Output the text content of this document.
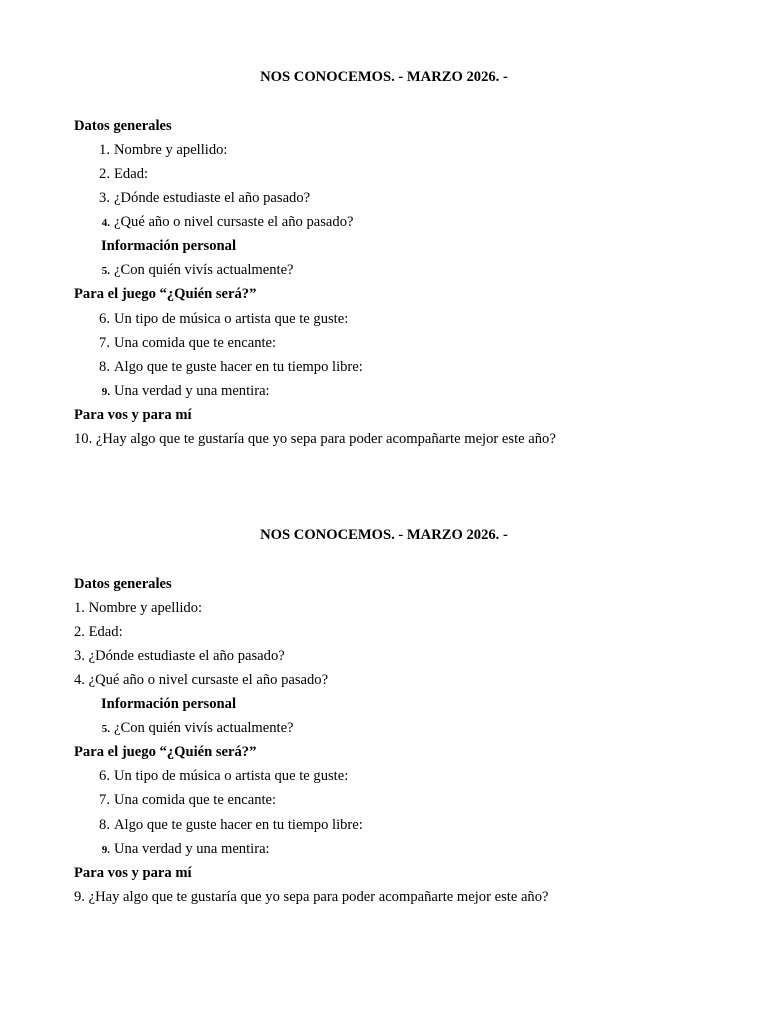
NOS CONOCEMOS. - MARZO 2026. -
Datos generales
1. Nombre y apellido:
2. Edad:
3. ¿Dónde estudiaste el año pasado?
4. ¿Qué año o nivel cursaste el año pasado?
Información personal
5. ¿Con quién vivís actualmente?
Para el juego “¿Quién será?”
6. Un tipo de música o artista que te guste:
7. Una comida que te encante:
8. Algo que te guste hacer en tu tiempo libre:
9. Una verdad y una mentira:
Para vos y para mí
10. ¿Hay algo que te gustaría que yo sepa para poder acompañarte mejor este año?
NOS CONOCEMOS. - MARZO 2026. -
Datos generales
1. Nombre y apellido:
2. Edad:
3. ¿Dónde estudiaste el año pasado?
4. ¿Qué año o nivel cursaste el año pasado?
Información personal
5. ¿Con quién vivís actualmente?
Para el juego “¿Quién será?”
6. Un tipo de música o artista que te guste:
7. Una comida que te encante:
8. Algo que te guste hacer en tu tiempo libre:
9. Una verdad y una mentira:
Para vos y para mí
9. ¿Hay algo que te gustaría que yo sepa para poder acompañarte mejor este año?
